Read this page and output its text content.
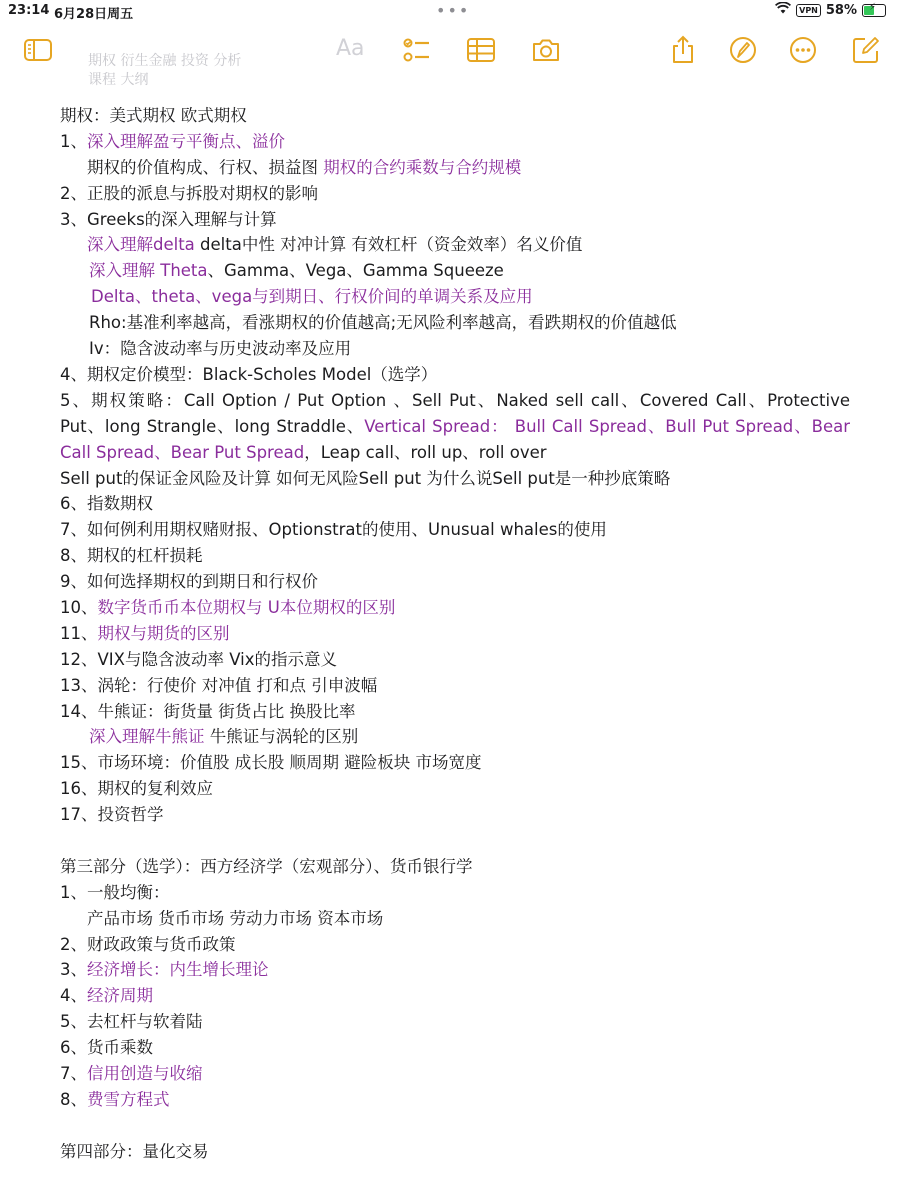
23:14 6月28日周五	•••	VPN 58% ⚡
期权 衍生金融 投资 分析
课程 大纲
Aa
期权：美式期权 欧式期权
1、深入理解盈亏平衡点、溢价
期权的价值构成、行权、损益图 期权的合约乘数与合约规模
2、正股的派息与拆股对期权的影响
3、Greeks的深入理解与计算
深入理解delta delta中性 对冲计算 有效杠杆（资金效率）名义价值
深入理解 Theta、Gamma、Vega、Gamma Squeeze
Delta、theta、vega与到期日、行权价间的单调关系及应用
Rho:基准利率越高，看涨期权的价值越高;无风险利率越高，看跌期权的价值越低
Iv：隐含波动率与历史波动率及应用
4、期权定价模型：Black-Scholes Model（选学）
5、期权策略：Call Option / Put Option 、Sell Put、Naked sell call、Covered Call、Protective Put、long Strangle、long Straddle、Vertical Spread： Bull Call Spread、Bull Put Spread、Bear Call Spread、Bear Put Spread，Leap call、roll up、roll over
Sell put的保证金风险及计算 如何无风险Sell put 为什么说Sell put是一种抄底策略
6、指数期权
7、如何例利用期权赌财报、Optionstrat的使用、Unusual whales的使用
8、期权的杠杆损耗
9、如何选择期权的到期日和行权价
10、数字货币币本位期权与 U本位期权的区别
11、期权与期货的区别
12、VIX与隐含波动率 Vix的指示意义
13、涡轮：行使价 对冲值 打和点 引申波幅
14、牛熊证：街货量 街货占比 换股比率
深入理解牛熊证 牛熊证与涡轮的区别
15、市场环境：价值股 成长股 顺周期 避险板块 市场宽度
16、期权的复利效应
17、投资哲学
第三部分（选学）：西方经济学（宏观部分）、货币银行学
1、一般均衡：
产品市场 货币市场 劳动力市场 资本市场
2、财政政策与货币政策
3、经济增长：内生增长理论
4、经济周期
5、去杠杆与软着陆
6、货币乘数
7、信用创造与收缩
8、费雪方程式
第四部分：量化交易
